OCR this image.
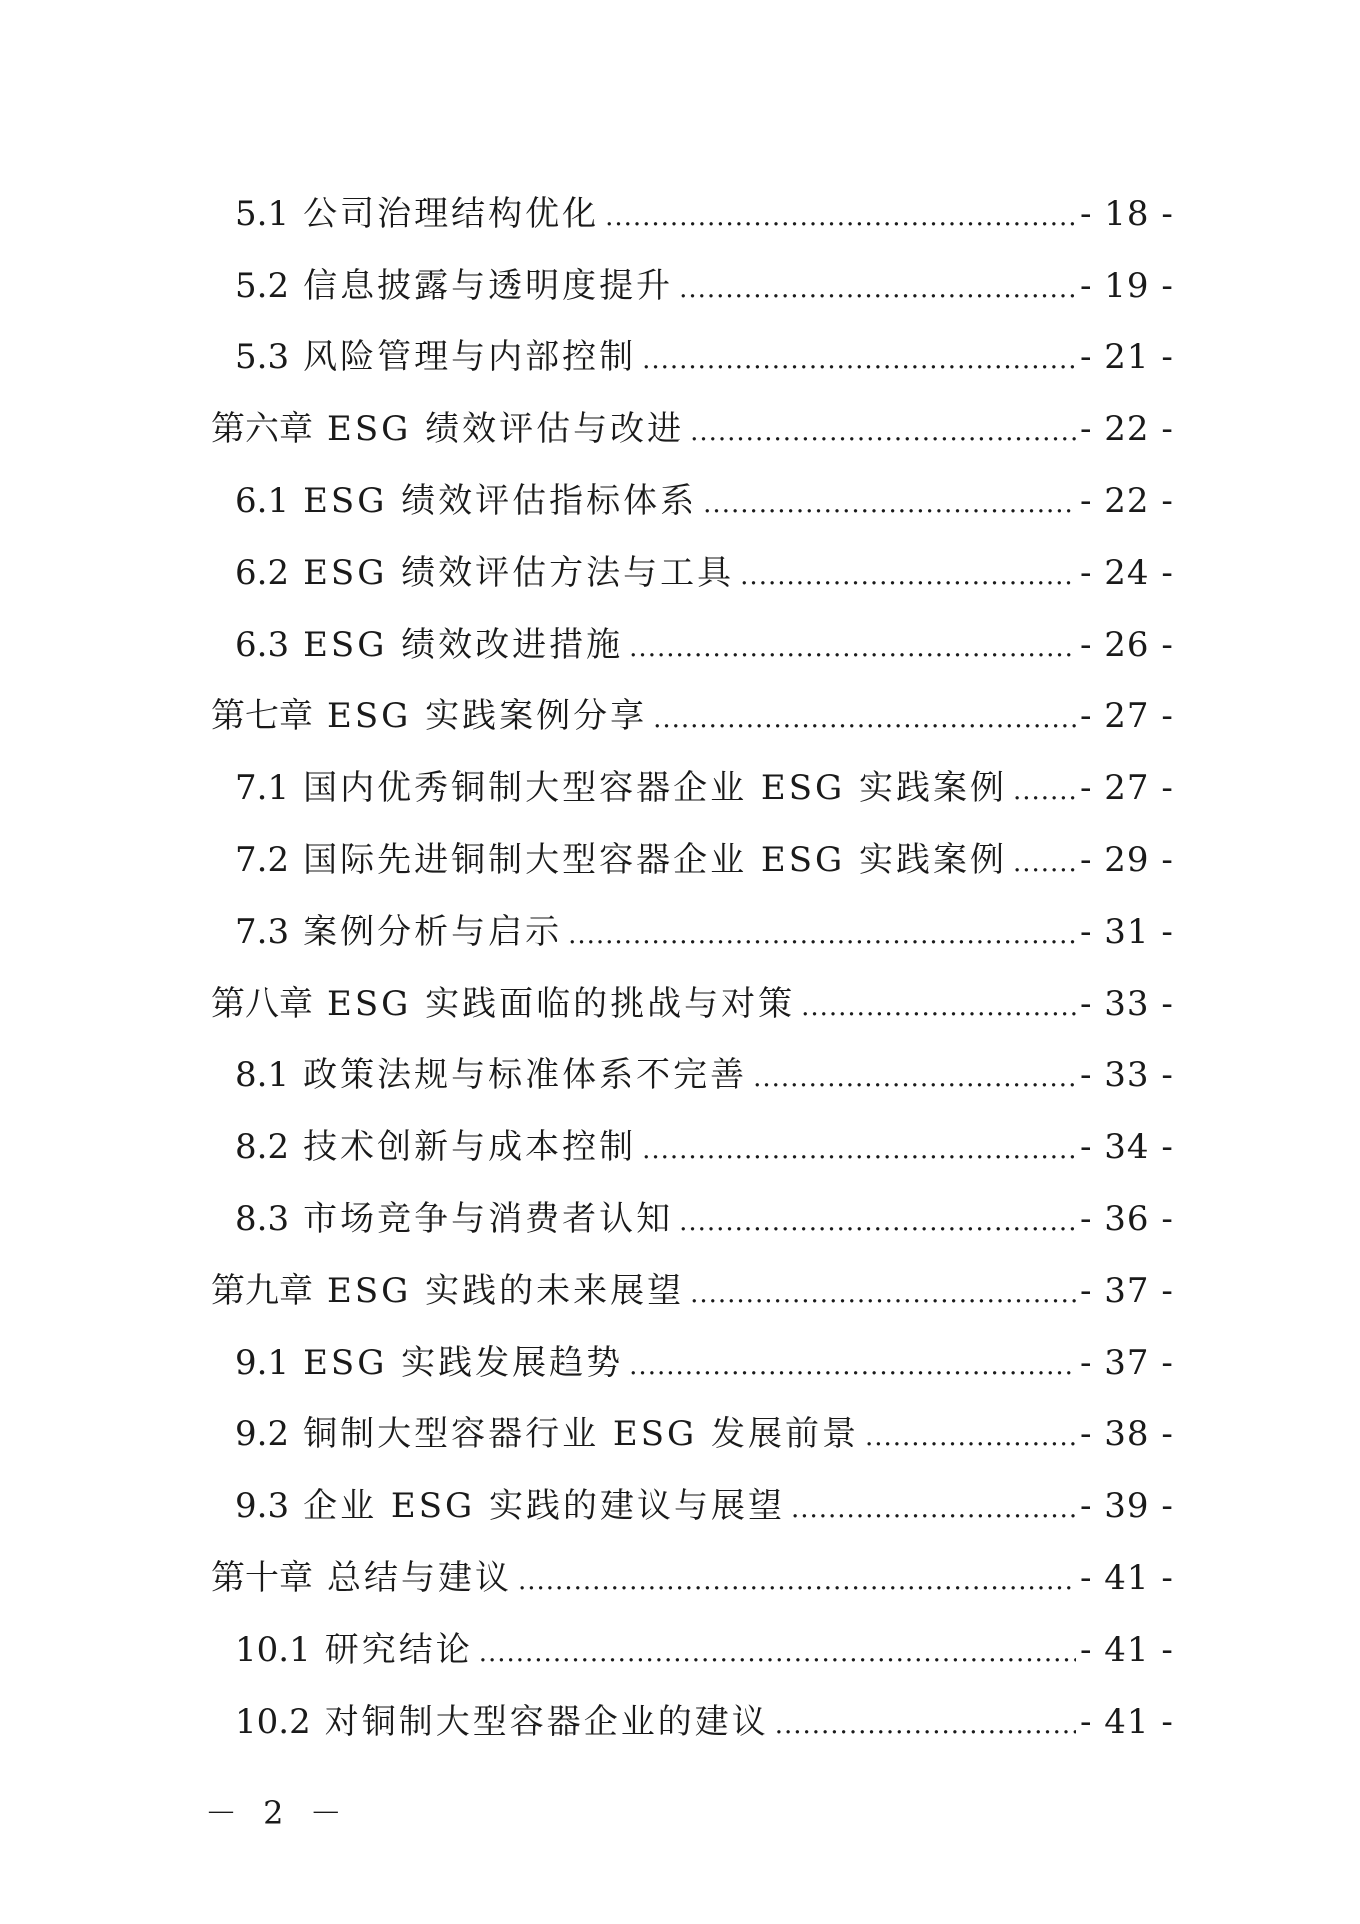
5.1 公司治理结构优化 .....	- 18 -
5.2 信息披露与透明度提升 .....	- 19 -
5.3 风险管理与内部控制 .....	- 21 -
第六章 ESG 绩效评估与改进 .....	- 22 -
6.1 ESG 绩效评估指标体系 .....	- 22 -
6.2 ESG 绩效评估方法与工具 .....	- 24 -
6.3 ESG 绩效改进措施 .....	- 26 -
第七章 ESG 实践案例分享 .....	- 27 -
7.1 国内优秀铜制大型容器企业 ESG 实践案例 ..... - 27 -
7.2 国际先进铜制大型容器企业 ESG 实践案例 ..... - 29 -
7.3 案例分析与启示 .....	- 31 -
第八章 ESG 实践面临的挑战与对策 .....	- 33 -
8.1 政策法规与标准体系不完善 .....	- 33 -
8.2 技术创新与成本控制 .....	- 34 -
8.3 市场竞争与消费者认知 .....	- 36 -
第九章 ESG 实践的未来展望 .....	- 37 -
9.1 ESG 实践发展趋势 .....	- 37 -
9.2 铜制大型容器行业 ESG 发展前景 .....	- 38 -
9.3 企业 ESG 实践的建议与展望 .....	- 39 -
第十章 总结与建议 .....	- 41 -
10.1 研究结论 .....	- 41 -
10.2 对铜制大型容器企业的建议 .....	- 41 -
－ 2 －
